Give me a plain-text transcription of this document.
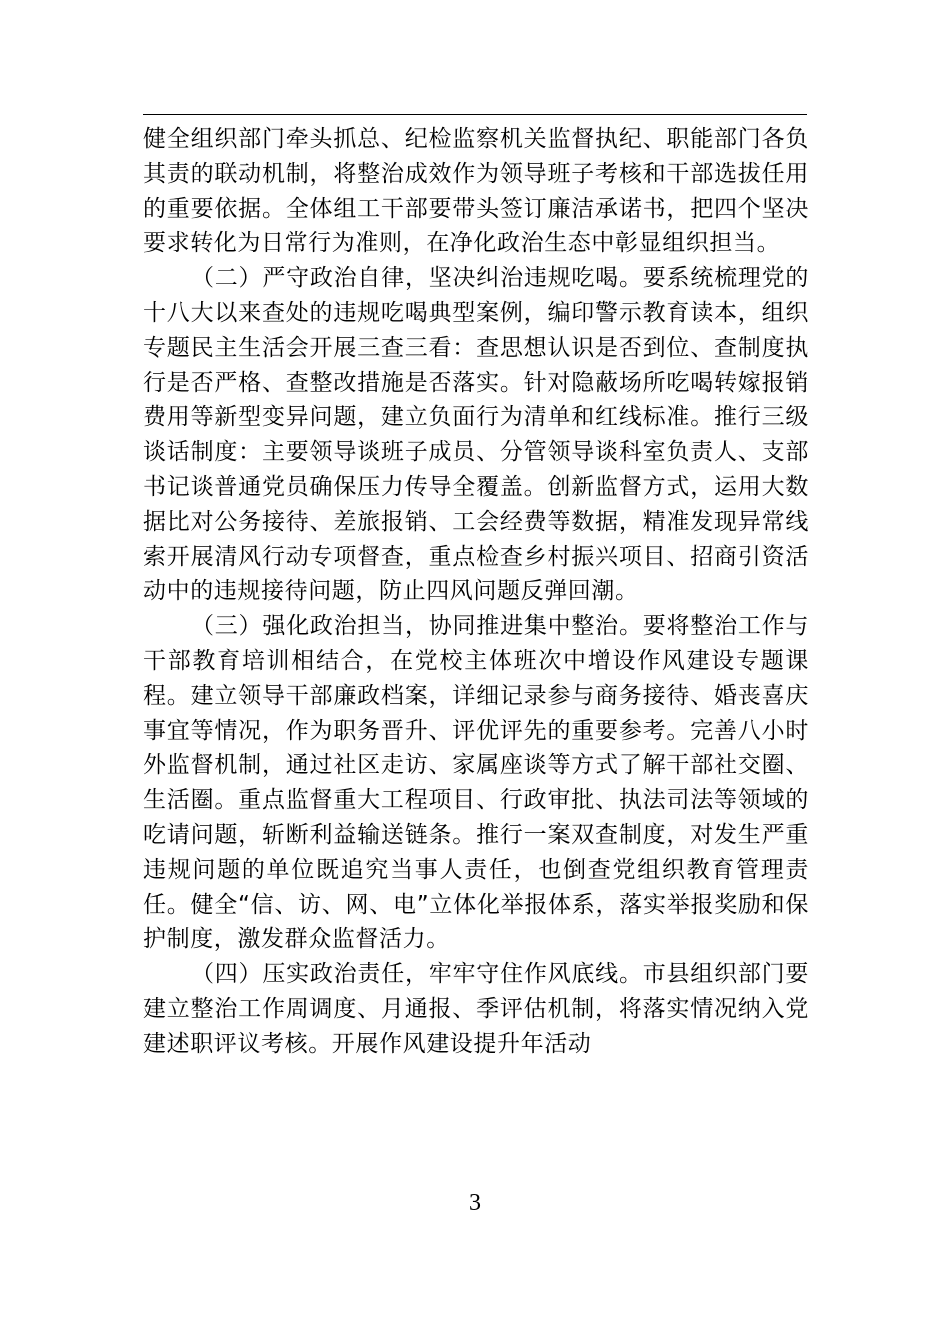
健全组织部门牵头抓总、纪检监察机关监督执纪、职能部门各负其责的联动机制，将整治成效作为领导班子考核和干部选拔任用的重要依据。全体组工干部要带头签订廉洁承诺书，把四个坚决要求转化为日常行为准则，在净化政治生态中彰显组织担当。

（二）严守政治自律，坚决纠治违规吃喝。要系统梳理党的十八大以来查处的违规吃喝典型案例，编印警示教育读本，组织专题民主生活会开展三查三看：查思想认识是否到位、查制度执行是否严格、查整改措施是否落实。针对隐蔽场所吃喝转嫁报销费用等新型变异问题，建立负面行为清单和红线标准。推行三级谈话制度：主要领导谈班子成员、分管领导谈科室负责人、支部书记谈普通党员确保压力传导全覆盖。创新监督方式，运用大数据比对公务接待、差旅报销、工会经费等数据，精准发现异常线索开展清风行动专项督查，重点检查乡村振兴项目、招商引资活动中的违规接待问题，防止四风问题反弹回潮。

（三）强化政治担当，协同推进集中整治。要将整治工作与干部教育培训相结合，在党校主体班次中增设作风建设专题课程。建立领导干部廉政档案，详细记录参与商务接待、婚丧喜庆事宜等情况，作为职务晋升、评优评先的重要参考。完善八小时外监督机制，通过社区走访、家属座谈等方式了解干部社交圈、生活圈。重点监督重大工程项目、行政审批、执法司法等领域的吃请问题，斩断利益输送链条。推行一案双查制度，对发生严重违规问题的单位既追究当事人责任，也倒查党组织教育管理责任。健全“信、访、网、电”立体化举报体系，落实举报奖励和保护制度，激发群众监督活力。

（四）压实政治责任，牢牢守住作风底线。市县组织部门要建立整治工作周调度、月通报、季评估机制，将落实情况纳入党建述职评议考核。开展作风建设提升年活动

3
